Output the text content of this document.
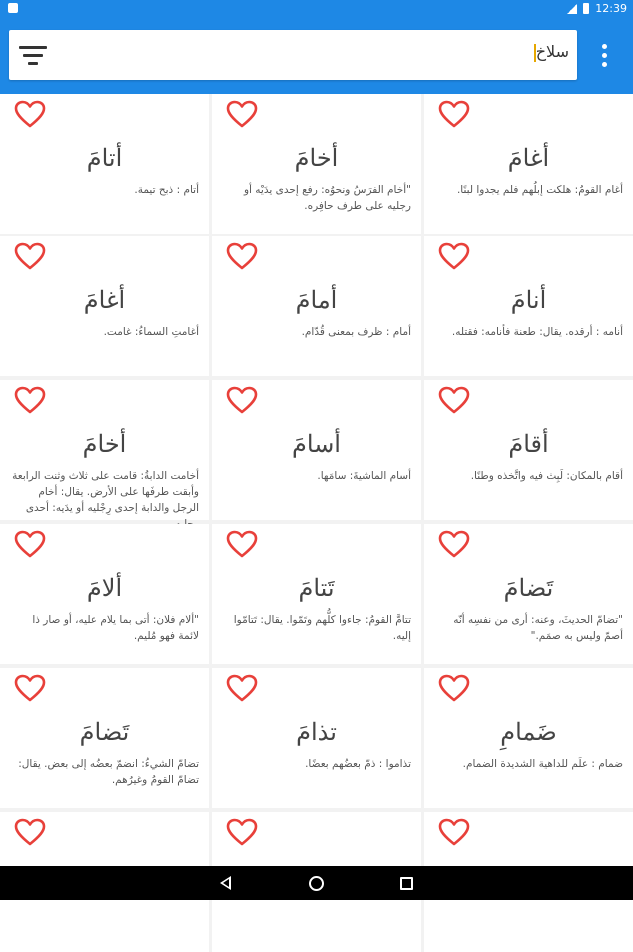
12:39
سلاخ
أغامَ
أغام القومُ: هلكت إبلُهم فلم يجدوا لبنًا.
أخامَ
"أخام الفرَسُ ونحوُه: رفع إحدى يدَيْه أو رجليه على طرف حافِره.
أتامَ
أتام : ذبح تيمة.
أنامَ
أنامه : أرقده. يقال: طعنة فأنامه: فقتله.
أمامَ
أمام : ظرف بمعنى قُدّام.
أغامَ
أغامتِ السماءُ: غامت.
أقامَ
أقام بالمكان: لَبِث فيه واتَّخذه وطنًا.
أسامَ
أسام الماشيةَ: سامَها.
أخامَ
أخامت الدابةُ: قامت على ثلاث وثنت الرابعة وأبقت طرفَها على الأرض. يقال: أخام الرجل والدابة إحدى رِجْليه أو يدَيه: أحدى
تَضامَ
"تضامّ الحديثَ، وعنه: أرى من نفسِه أنّه أصمّ وليس به صمَم."
تَتامَ
تتامَّ القومُ: جاءوا كلُّهم وتَمّوا. يقال: تَتامّوا إليه.
ألامَ
"ألام فلان: أتى بما يلام عليه، أو صار ذا لائمة فهو مُليم.
ضَمامِ
ضمام : علَم للداهية الشديدة الضمام.
تذامَ
تذاموا : ذمّ بعضُهم بعضًا.
تَضامَ
تضامّ الشيءُ: انضمّ بعضُه إلى بعض. يقال: تضامّ القومُ وغيرُهم.
